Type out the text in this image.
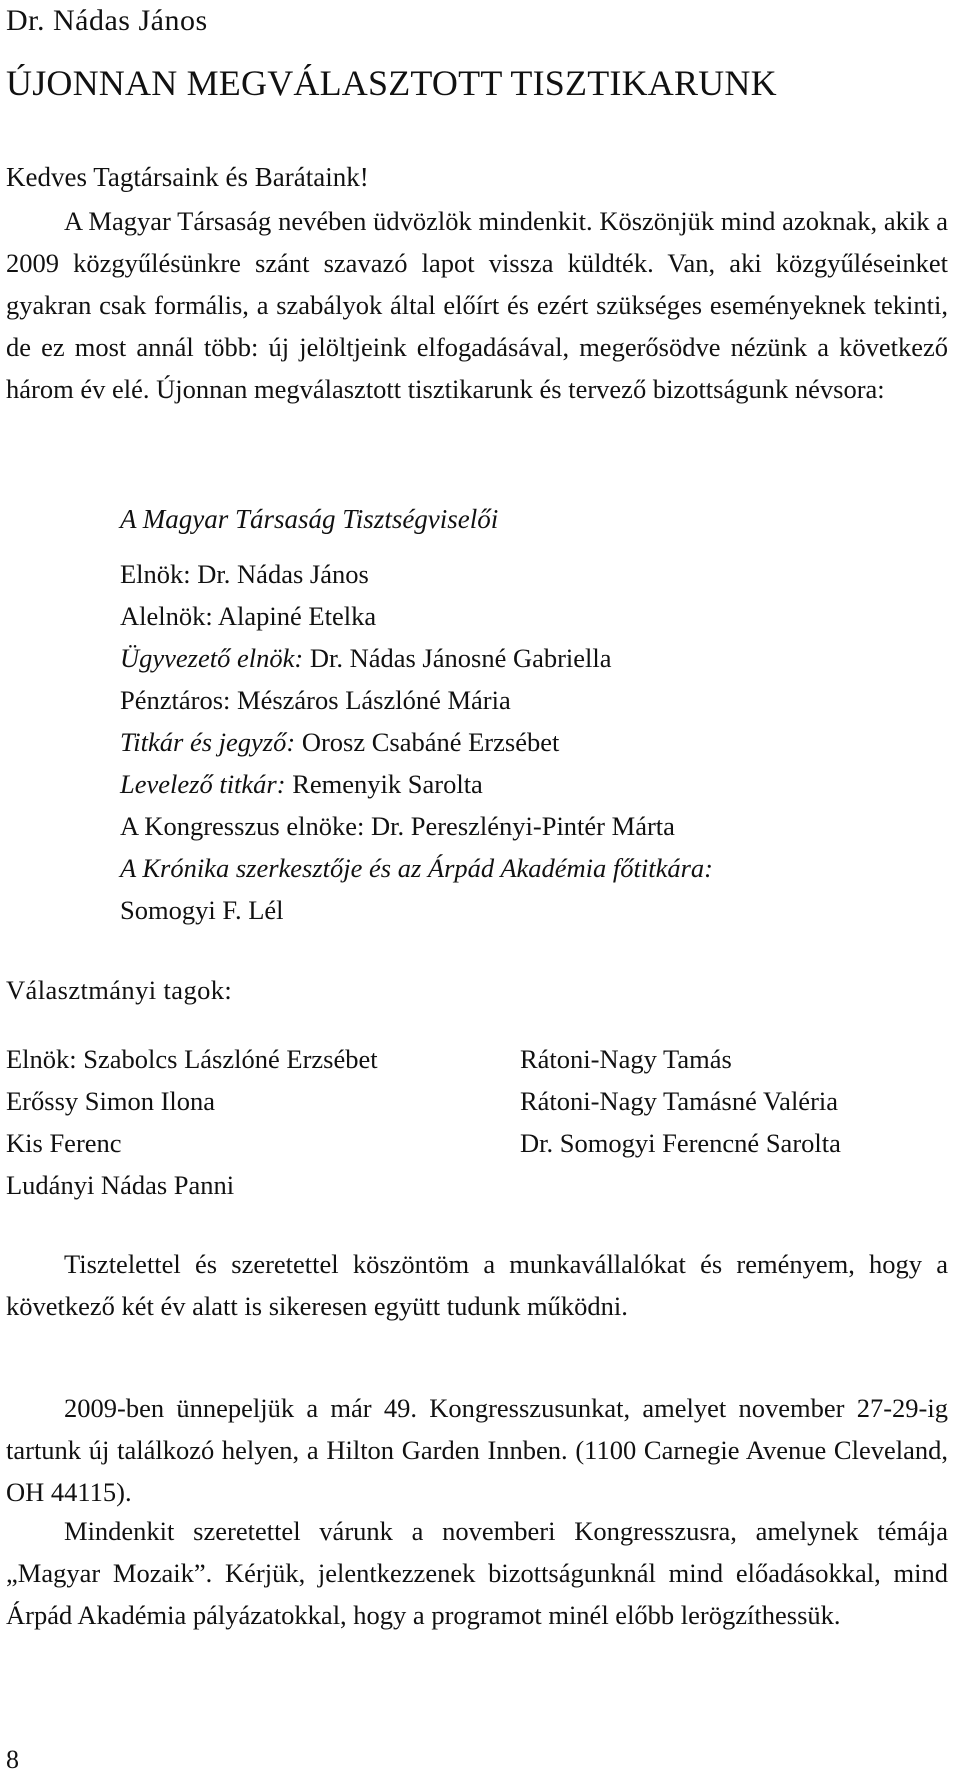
Dr. Nádas János
ÚJONNAN MEGVÁLASZTOTT TISZTIKARUNK
Kedves Tagtársaink és Barátaink!

A Magyar Társaság nevében üdvözlök mindenkit. Köszönjük mind azoknak, akik a 2009 közgyűlésünkre szánt szavazó lapot vissza küldték. Van, aki közgyűléseinket gyakran csak formális, a szabályok által előírt és ezért szükséges eseményeknek tekinti, de ez most annál több: új jelöltjeink elfogadásával, megerősödve nézünk a következő három év elé. Újonnan megválasztott tisztikarunk és tervező bizottságunk névsora:

A Magyar Társaság Tisztségviselői
Elnök: Dr. Nádas János
Alelnök: Alapiné Etelka
Ügyvezető elnök: Dr. Nádas Jánosné Gabriella
Pénztáros: Mészáros Lászlóné Mária
Titkár és jegyző: Orosz Csabáné Erzsébet
Levelező titkár: Remenyik Sarolta
A Kongresszus elnöke: Dr. Pereszlényi-Pintér Márta
A Krónika szerkesztője és az Árpád Akadémia főtitkára:
Somogyi F. Lél
Választmányi tagok:
Elnök: Szabolcs Lászlóné Erzsébet
Erőssy Simon Ilona
Kis Ferenc
Ludányi Nádas Panni
Rátoni-Nagy Tamás
Rátoni-Nagy Tamásné Valéria
Dr. Somogyi Ferencné Sarolta

Tisztelettel és szeretettel köszöntöm a munkavállalókat és reményem, hogy a következő két év alatt is sikeresen együtt tudunk működni.

2009-ben ünnepeljük a már 49. Kongresszusunkat, amelyet november 27-29-ig tartunk új találkozó helyen, a Hilton Garden Innben. (1100 Carnegie Avenue Cleveland, OH 44115).

Mindenkit szeretettel várunk a novemberi Kongresszusra, amelynek témája „Magyar Mozaik”. Kérjük, jelentkezzenek bizottságunknál mind előadásokkal, mind Árpád Akadémia pályázatokkal, hogy a programot minél előbb lerögzíthessük.

8
